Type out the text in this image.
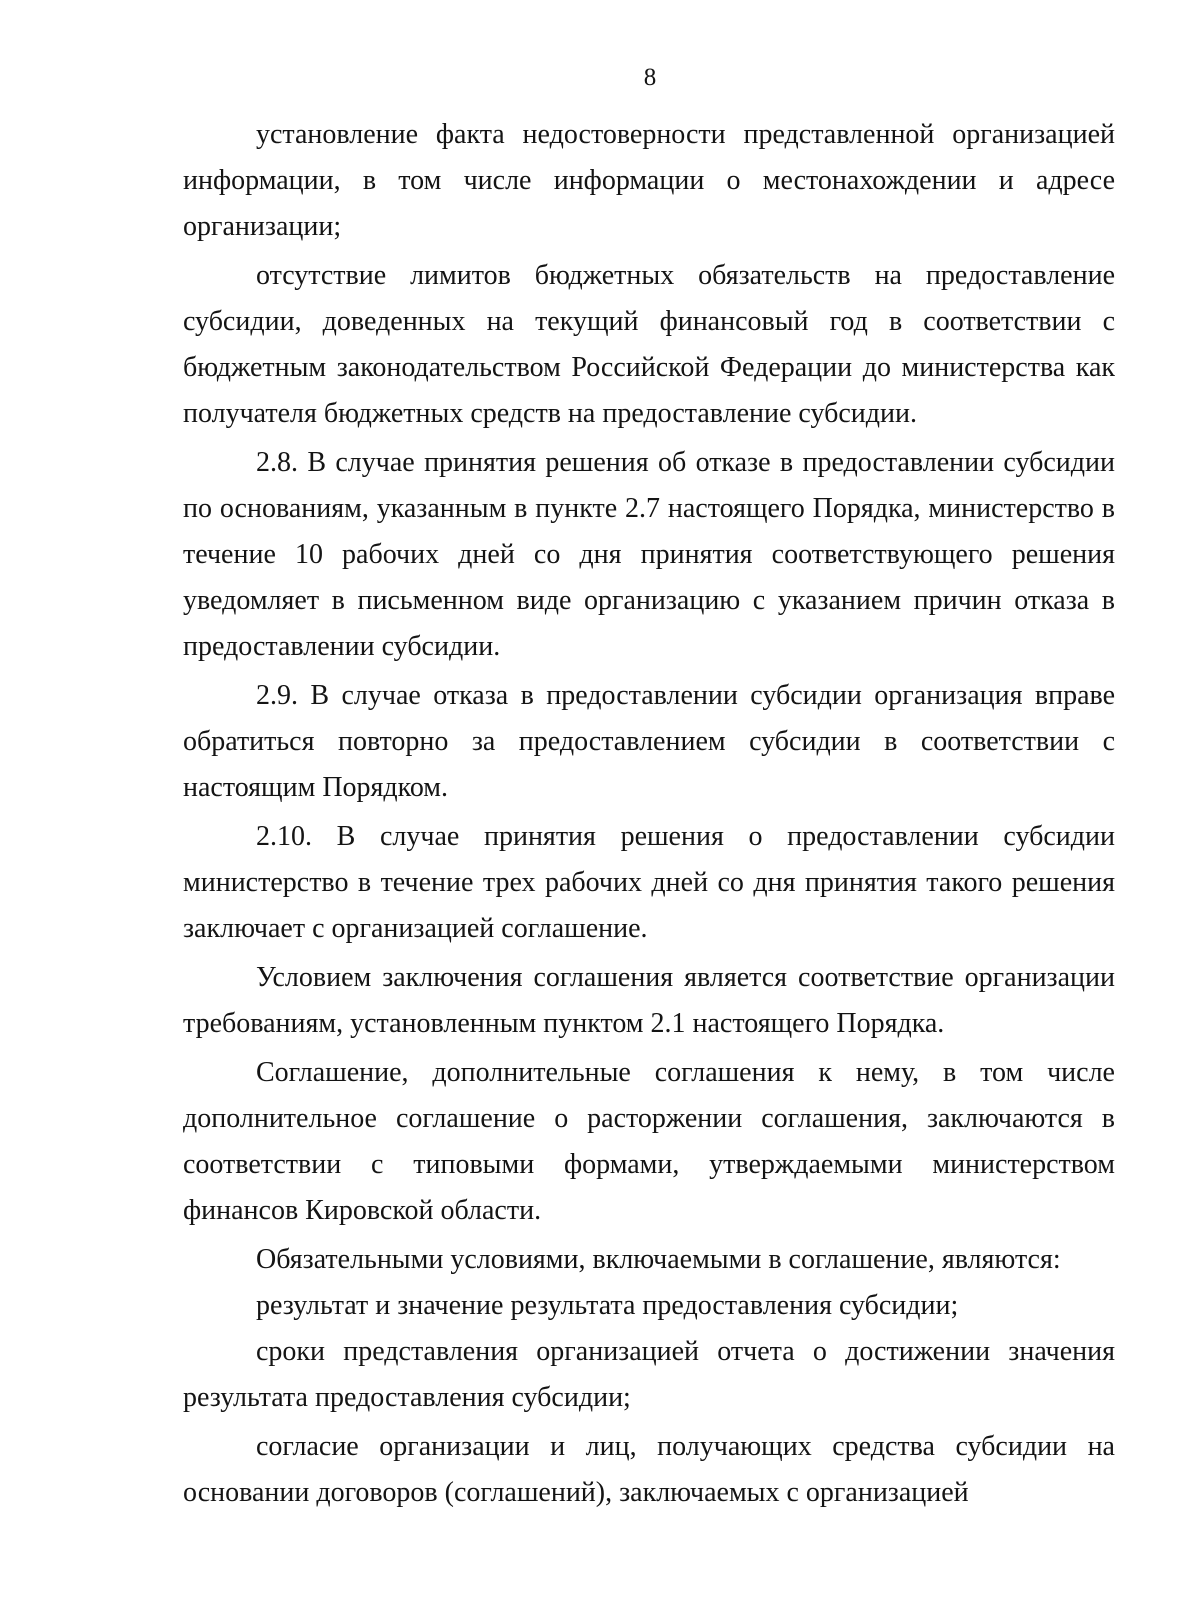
8

установление факта недостоверности представленной организацией информации, в том числе информации о местонахождении и адресе организации;

отсутствие лимитов бюджетных обязательств на предоставление субсидии, доведенных на текущий финансовый год в соответствии с бюджетным законодательством Российской Федерации до министерства как получателя бюджетных средств на предоставление субсидии.

2.8. В случае принятия решения об отказе в предоставлении субсидии по основаниям, указанным в пункте 2.7 настоящего Порядка, министерство в течение 10 рабочих дней со дня принятия соответствующего решения уведомляет в письменном виде организацию с указанием причин отказа в предоставлении субсидии.

2.9. В случае отказа в предоставлении субсидии организация вправе обратиться повторно за предоставлением субсидии в соответствии с настоящим Порядком.

2.10. В случае принятия решения о предоставлении субсидии министерство в течение трех рабочих дней со дня принятия такого решения заключает с организацией соглашение.

Условием заключения соглашения является соответствие организации требованиям, установленным пунктом 2.1 настоящего Порядка.

Соглашение, дополнительные соглашения к нему, в том числе дополнительное соглашение о расторжении соглашения, заключаются в соответствии с типовыми формами, утверждаемыми министерством финансов Кировской области.

Обязательными условиями, включаемыми в соглашение, являются:

результат и значение результата предоставления субсидии;

сроки представления организацией отчета о достижении значения результата предоставления субсидии;

согласие организации и лиц, получающих средства субсидии на основании договоров (соглашений), заключаемых с организацией
